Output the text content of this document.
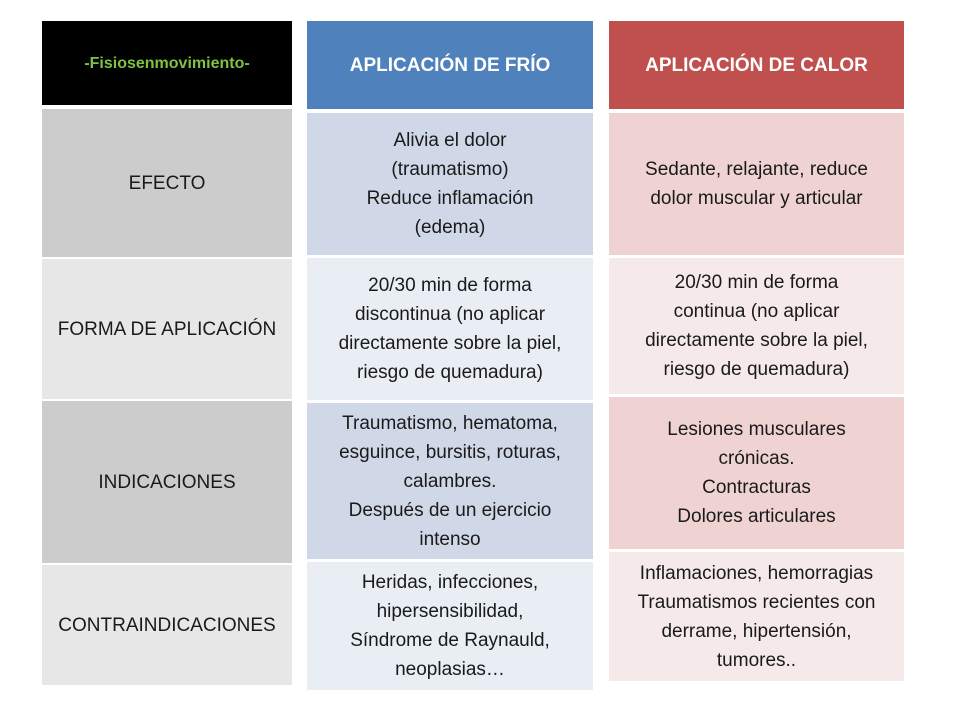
-Fisiosenmovimiento-
EFECTO
FORMA DE APLICACIÓN
INDICACIONES
CONTRAINDICACIONES
APLICACIÓN DE FRÍO
Alivia el dolor
(traumatismo)
Reduce inflamación
(edema)
20/30 min de forma
discontinua (no aplicar
directamente sobre la piel,
riesgo de quemadura)
Traumatismo, hematoma,
esguince, bursitis, roturas,
calambres.
Después de un ejercicio
intenso
Heridas, infecciones,
hipersensibilidad,
Síndrome de Raynauld,
neoplasias…
APLICACIÓN DE CALOR
Sedante, relajante, reduce
dolor muscular y articular
20/30 min de forma
continua (no aplicar
directamente sobre la piel,
riesgo de quemadura)
Lesiones musculares
crónicas.
Contracturas
Dolores articulares
Inflamaciones, hemorragias
Traumatismos recientes con
derrame, hipertensión,
tumores..
